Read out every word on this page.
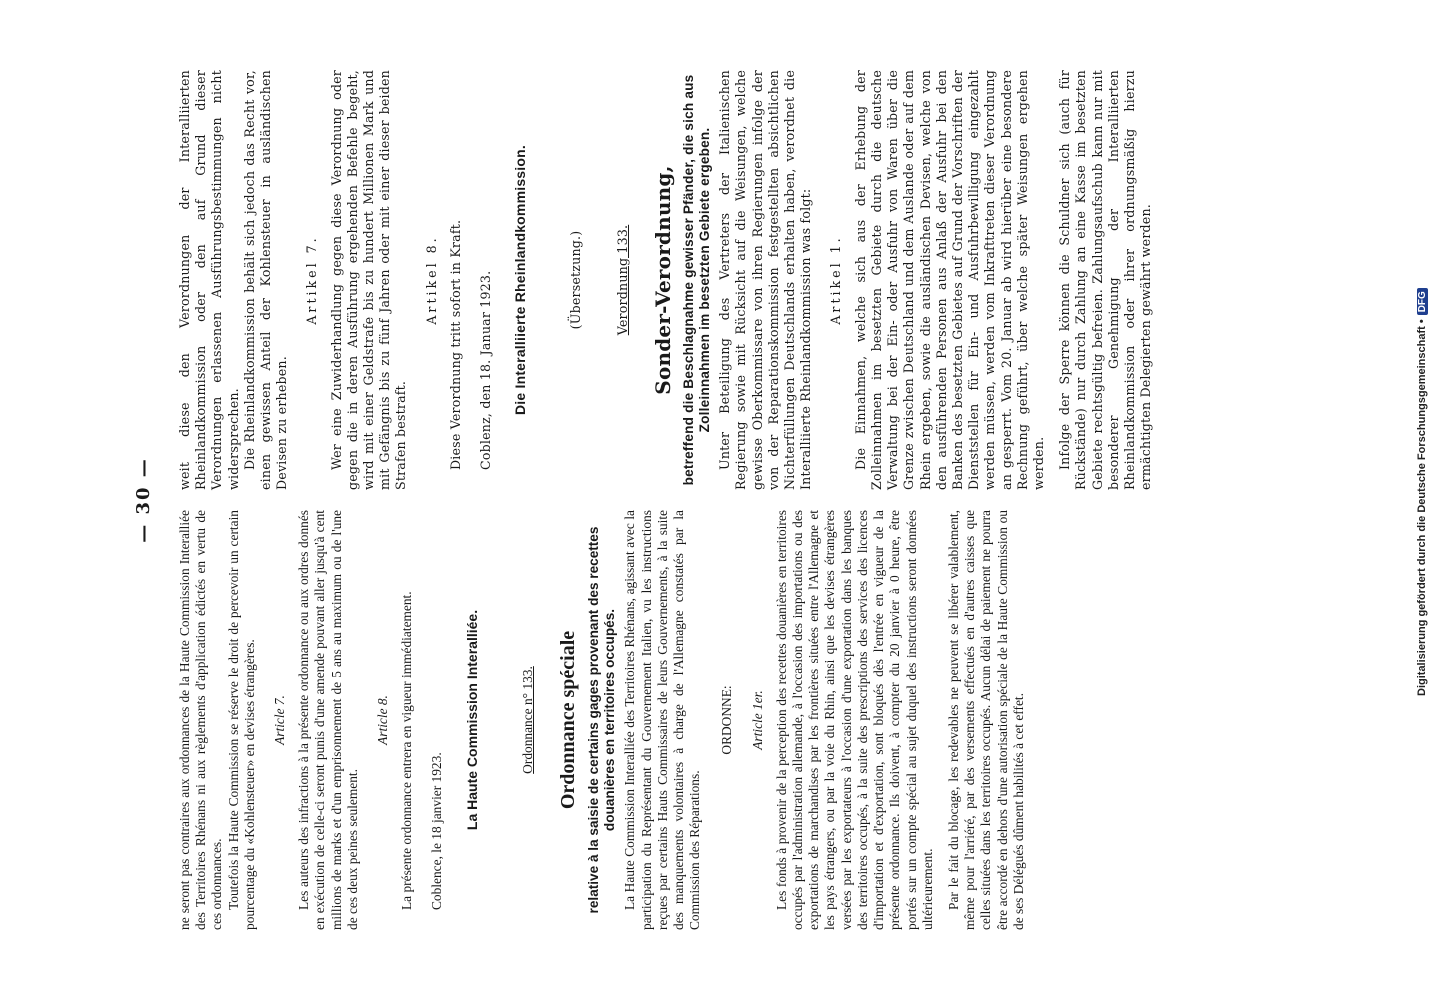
— 30 —

ne seront pas contraires aux ordonnances de la Haute Commission Interalliée des Territoires Rhénans ni aux règlements d'application édictés en vertu de ces ordonnances. Toutefois la Haute Commission se réserve le droit de percevoir un certain pourcentage du «Kohlensteuer» en devises étrangères. Article 7. Les auteurs des infractions à la présente ordonnance ou aux ordres donnés en exécution de celle-ci seront punis d'une amende pouvant aller jusqu'à cent millions de marks et d'un emprisonnement de 5 ans au maximum ou de l'une de ces deux peines seulement.

Article 8. La présente ordonnance entrera en vigueur immédiatement. Coblence, le 18 janvier 1923.

La Haute Commission Interalliée.	Ordonnance n° 133. Ordonnance spéciale relative à la saisie de certains gages provenant des recettes douanières en territoires occupés. La Haute Commission Interalliée des Territoires Rhénans, agissant avec la participation du Représentant du Gouvernement Italien, vu les instructions reçues par certains Hauts Commissaires de leurs Gouvernements, à la suite des manquements volontaires à charge de l'Allemagne constatés par la Commission des Réparations.

ORDONNE: Article 1er. Les fonds à provenir de la perception des recettes douanières en territoires occupés par l'administration allemande, à l'occasion des importations ou des exportations de marchandises par les frontières situées entre l'Allemagne et les pays étrangers, ou par la voie du Rhin, ainsi que les devises étrangères versées par les exportateurs à l'occasion d'une exportation dans les banques des territoires occupés, à la suite des prescriptions des services des licences d'importation et d'exportation, sont bloqués dès l'entrée en vigueur de la présente ordonnance. Ils doivent, à compter du 20 janvier à 0 heure, être portés sur un compte spécial au sujet duquel des instructions seront données ultérieurement. Par le fait du blocage, les redevables ne peuvent se libérer valablement, même pour l'arriéré, par des versements effectués en d'autres caisses que celles situées dans les territoires occupés. Aucun délai de paiement ne pourra être accordé en dehors d'une autorisation spéciale de la Haute Commission ou de ses Délégués dûment habilités à cet effet.

weit diese den Verordnungen der Interalliierten Rheinlandkommission oder den auf Grund dieser Verordnungen erlassenen Ausführungsbestimmungen nicht widersprechen. Die Rheinlandkommission behält sich jedoch das Recht vor, einen gewissen Anteil der Kohlensteuer in ausländischen Devisen zu erheben.

Artikel 7. Wer eine Zuwiderhandlung gegen diese Verordnung oder gegen die in deren Ausführung ergehenden Befehle begeht, wird mit einer Geldstrafe bis zu hundert Millionen Mark und mit Gefängnis bis zu fünf Jahren oder mit einer dieser beiden Strafen bestraft.

Artikel 8. Diese Verordnung tritt sofort in Kraft. Coblenz, den 18. Januar 1923. Die Interalliierte Rheinlandkommission.	(Übersetzung.) Verordnung 133. Sonder-Verordnung, betreffend die Beschlagnahme gewisser Pfänder, die sich aus Zolleinnahmen im besetzten Gebiete ergeben. Unter Beteiligung des Vertreters der Italienischen Regierung sowie mit Rücksicht auf die Weisungen, welche gewisse Oberkommissare von ihren Regierungen infolge der von der Reparationskommission festgestellten absichtlichen Nichterfüllungen Deutschlands erhalten haben, verordnet die Interalliierte Rheinlandkommission was folgt: Artikel 1. Die Einnahmen, welche sich aus der Erhebung der Zolleinnahmen im besetzten Gebiete durch die deutsche Verwaltung bei der Ein- oder Ausfuhr von Waren über die Grenze zwischen Deutschland und dem Auslande oder auf dem Rhein ergeben, sowie die ausländischen Devisen, welche von den ausführenden Personen aus Anlaß der Ausfuhr bei den Banken des besetzten Gebietes auf Grund der Vorschriften der Dienststellen für Ein- und Ausfuhrbewilligung eingezahlt werden müssen, werden vom Inkrafttreten dieser Verordnung an gesperrt. Vom 20. Januar ab wird hierüber eine besondere Rechnung geführt, über welche später Weisungen ergehen werden. Infolge der Sperre können die Schuldner sich (auch für Rückstände) nur durch Zahlung an eine Kasse im besetzten Gebiete rechtsgültig befreien. Zahlungsaufschub kann nur mit besonderer Genehmigung der Interalliierten Rheinlandkommission oder ihrer ordnungsmäßig hierzu ermächtigten Delegierten gewährt werden.	Digitalisierung gefördert durch die Deutsche Forschungsgemeinschaft •DFG
